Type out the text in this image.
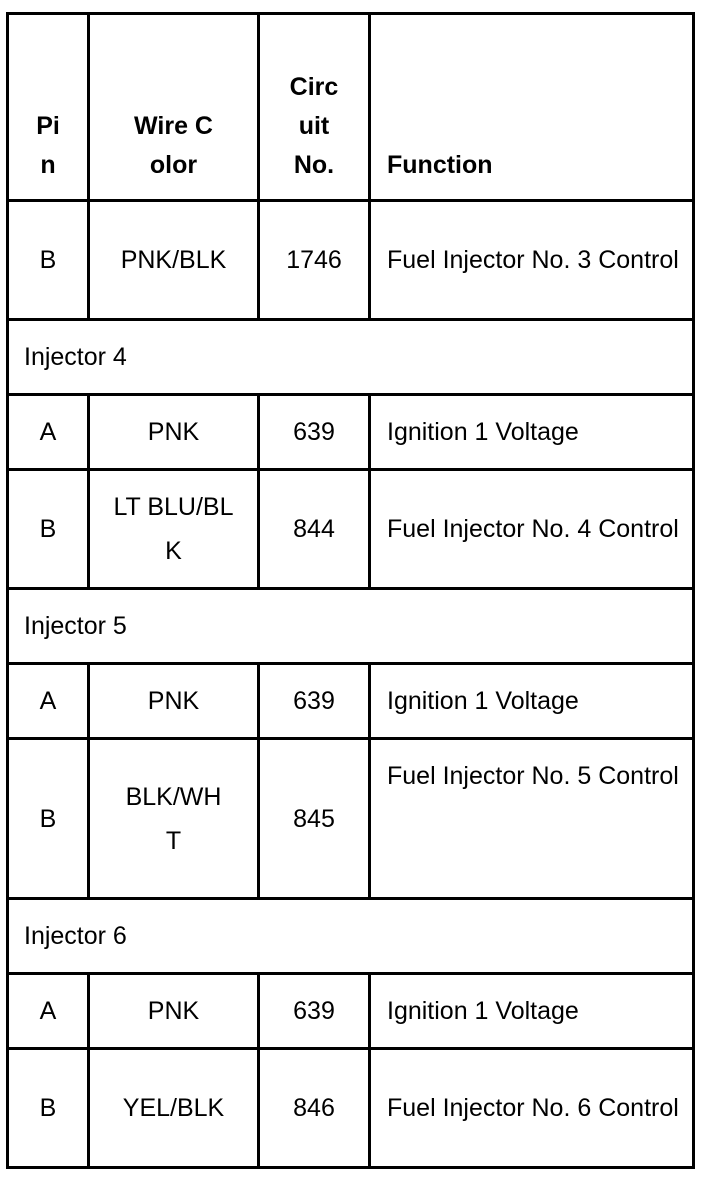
Pin	Wire Color	Circuit No.	Function
B	PNK/BLK	1746	Fuel Injector No. 3 Control
Injector 4			
A	PNK	639	Ignition 1 Voltage
B	LT BLU/BLK	844	Fuel Injector No. 4 Control
Injector 5			
A	PNK	639	Ignition 1 Voltage
B	BLK/WHT	845	Fuel Injector No. 5 Control
Injector 6			
A	PNK	639	Ignition 1 Voltage
B	YEL/BLK	846	Fuel Injector No. 6 Control
